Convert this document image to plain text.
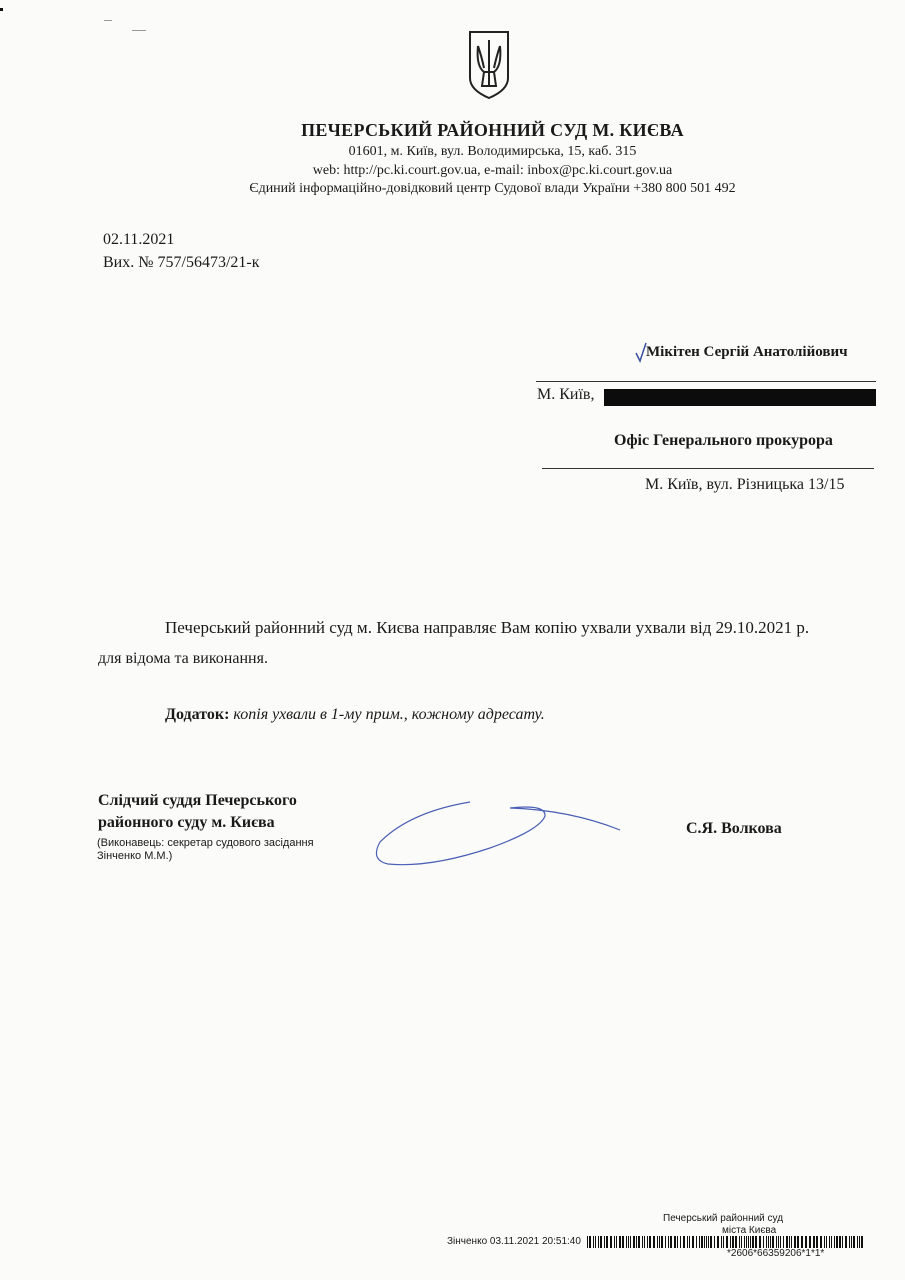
ПЕЧЕРСЬКИЙ РАЙОННИЙ СУД М. КИЄВА
01601, м. Київ, вул. Володимирська, 15, каб. 315
web: http://pc.ki.court.gov.ua, e-mail: inbox@pc.ki.court.gov.ua
Єдиний інформаційно-довідковий центр Судової влади України +380 800 501 492
02.11.2021
Вих. № 757/56473/21-к
Мікітен Сергій Анатолійович
М. Київ,
Офіс Генерального прокурора
М. Київ, вул. Різницька 13/15
Печерський районний суд м. Києва направляє Вам копію ухвали ухвали від 29.10.2021 р.
для відома та виконання.
Додаток: копія ухвали в 1-му прим., кожному адресату.
Слідчий суддя Печерського
районного суду м. Києва
(Виконавець: секретар судового засідання
Зінченко М.М.)
С.Я. Волкова
Печерський районний суд
міста Києва
Зінченко 03.11.2021 20:51:40
*2606*66359206*1*1*
